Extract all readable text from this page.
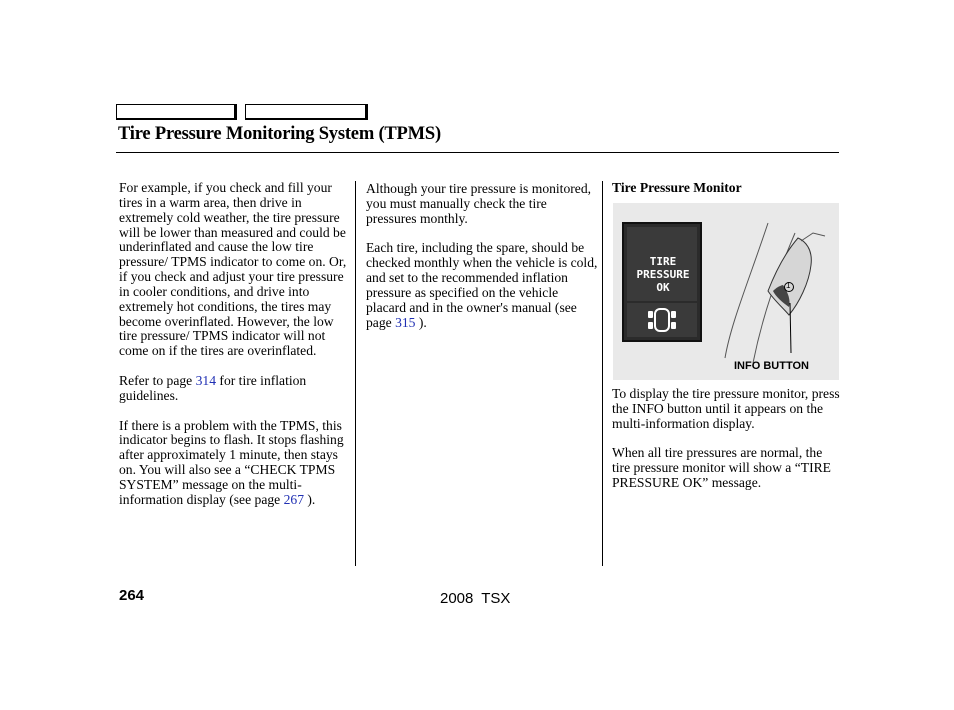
Tire Pressure Monitoring System (TPMS)

For example, if you check and fill your tires in a warm area, then drive in extremely cold weather, the tire pressure will be lower than measured and could be underinflated and cause the low tire pressure/ TPMS indicator to come on. Or, if you check and adjust your tire pressure in cooler conditions, and drive into extremely hot conditions, the tires may become overinflated. However, the low tire pressure/ TPMS indicator will not come on if the tires are overinflated.

Refer to page 314 for tire inflation guidelines.

If there is a problem with the TPMS, this indicator begins to flash. It stops flashing after approximately 1 minute, then stays on. You will also see a “CHECK TPMS SYSTEM” message on the multi-information display (see page 267 ).

Although your tire pressure is monitored, you must manually check the tire pressures monthly.

Each tire, including the spare, should be checked monthly when the vehicle is cold, and set to the recommended inflation pressure as specified on the vehicle placard and in the owner's manual (see page 315 ).

Tire Pressure Monitor

To display the tire pressure monitor, press the INFO button until it appears on the multi-information display.

When all tire pressures are normal, the tire pressure monitor will show a “TIRE PRESSURE OK” message.

TIRE
PRESSURE
OK	1
INFO BUTTON
264	2008 TSX
